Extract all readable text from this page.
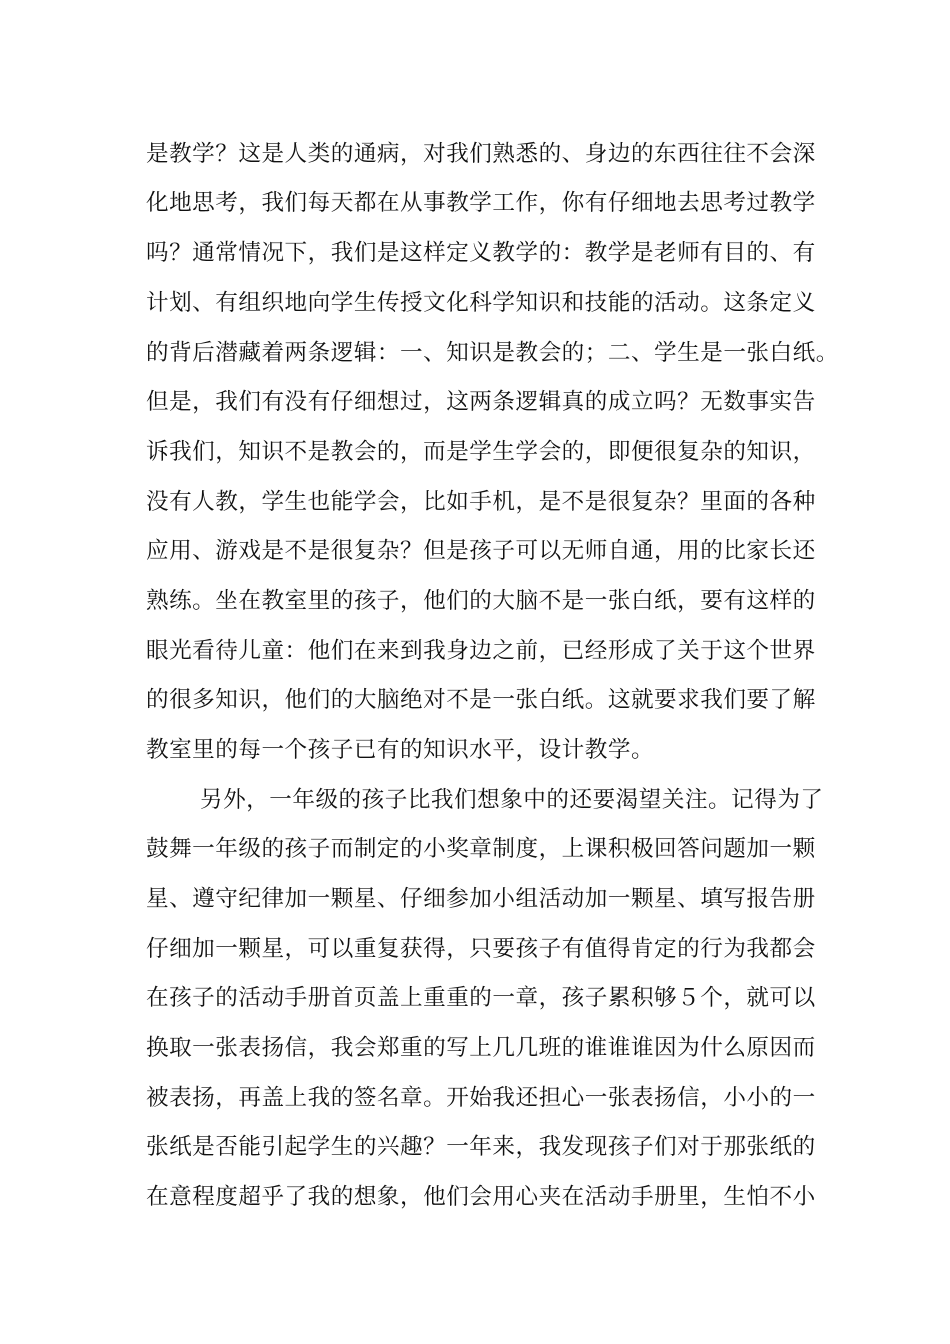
是教学？这是人类的通病，对我们熟悉的、身边的东西往往不会深
化地思考，我们每天都在从事教学工作，你有仔细地去思考过教学
吗？通常情况下，我们是这样定义教学的：教学是老师有目的、有
计划、有组织地向学生传授文化科学知识和技能的活动。这条定义
的背后潜藏着两条逻辑：一、知识是教会的；二、学生是一张白纸。
但是，我们有没有仔细想过，这两条逻辑真的成立吗？无数事实告
诉我们，知识不是教会的，而是学生学会的，即便很复杂的知识，
没有人教，学生也能学会，比如手机，是不是很复杂？里面的各种
应用、游戏是不是很复杂？但是孩子可以无师自通，用的比家长还
熟练。坐在教室里的孩子，他们的大脑不是一张白纸，要有这样的
眼光看待儿童：他们在来到我身边之前，已经形成了关于这个世界
的很多知识，他们的大脑绝对不是一张白纸。这就要求我们要了解
教室里的每一个孩子已有的知识水平，设计教学。
另外，一年级的孩子比我们想象中的还要渴望关注。记得为了
鼓舞一年级的孩子而制定的小奖章制度，上课积极回答问题加一颗
星、遵守纪律加一颗星、仔细参加小组活动加一颗星、填写报告册
仔细加一颗星，可以重复获得，只要孩子有值得肯定的行为我都会
在孩子的活动手册首页盖上重重的一章，孩子累积够５个，就可以
换取一张表扬信，我会郑重的写上几几班的谁谁谁因为什么原因而
被表扬，再盖上我的签名章。开始我还担心一张表扬信，小小的一
张纸是否能引起学生的兴趣？一年来，我发现孩子们对于那张纸的
在意程度超乎了我的想象，他们会用心夹在活动手册里，生怕不小
